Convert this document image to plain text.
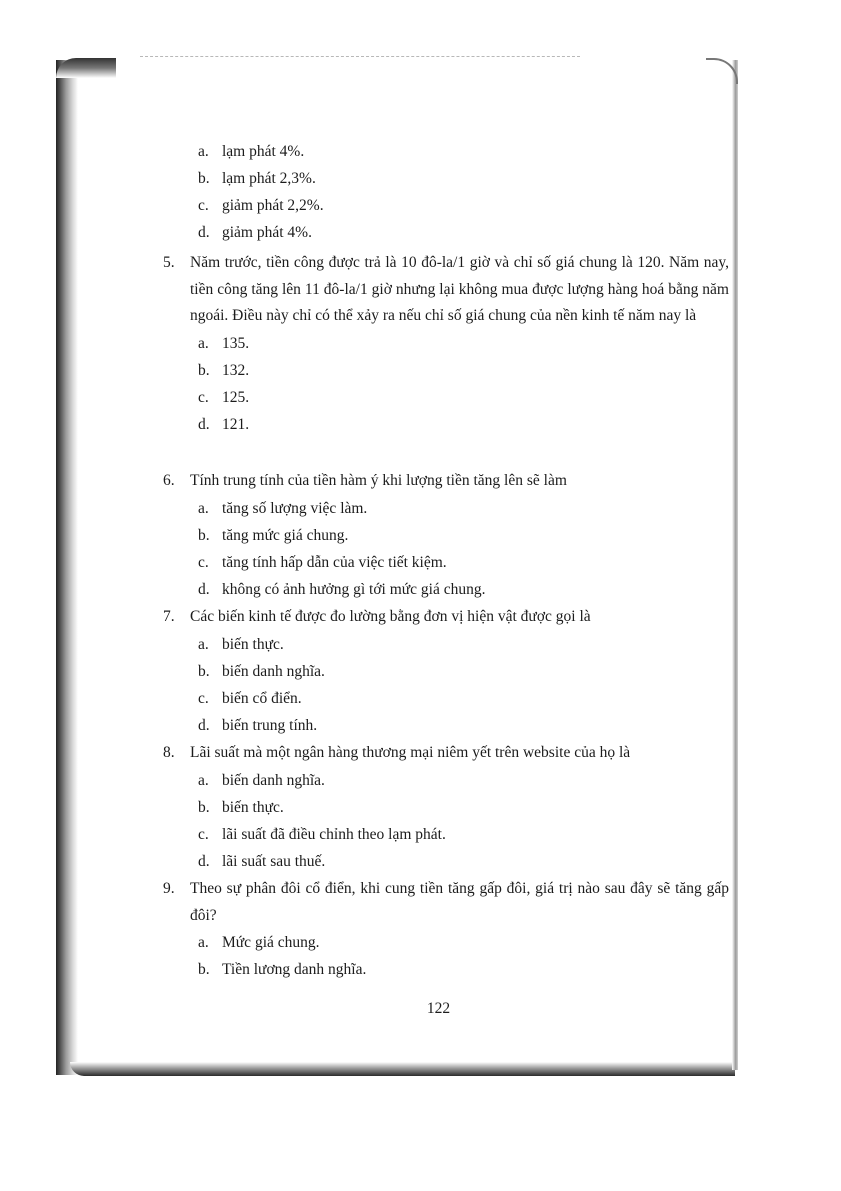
a. lạm phát 4%.
b. lạm phát 2,3%.
c. giảm phát 2,2%.
d. giảm phát 4%.
5. Năm trước, tiền công được trả là 10 đô-la/1 giờ và chỉ số giá chung là 120. Năm nay, tiền công tăng lên 11 đô-la/1 giờ nhưng lại không mua được lượng hàng hoá bằng năm ngoái. Điều này chỉ có thể xảy ra nếu chỉ số giá chung của nền kinh tế năm nay là
a. 135.
b. 132.
c. 125.
d. 121.
6. Tính trung tính của tiền hàm ý khi lượng tiền tăng lên sẽ làm
a. tăng số lượng việc làm.
b. tăng mức giá chung.
c. tăng tính hấp dẫn của việc tiết kiệm.
d. không có ảnh hưởng gì tới mức giá chung.
7. Các biến kinh tế được đo lường bằng đơn vị hiện vật được gọi là
a. biến thực.
b. biến danh nghĩa.
c. biến cổ điển.
d. biến trung tính.
8. Lãi suất mà một ngân hàng thương mại niêm yết trên website của họ là
a. biến danh nghĩa.
b. biến thực.
c. lãi suất đã điều chỉnh theo lạm phát.
d. lãi suất sau thuế.
9. Theo sự phân đôi cổ điển, khi cung tiền tăng gấp đôi, giá trị nào sau đây sẽ tăng gấp đôi?
a. Mức giá chung.
b. Tiền lương danh nghĩa.
122
